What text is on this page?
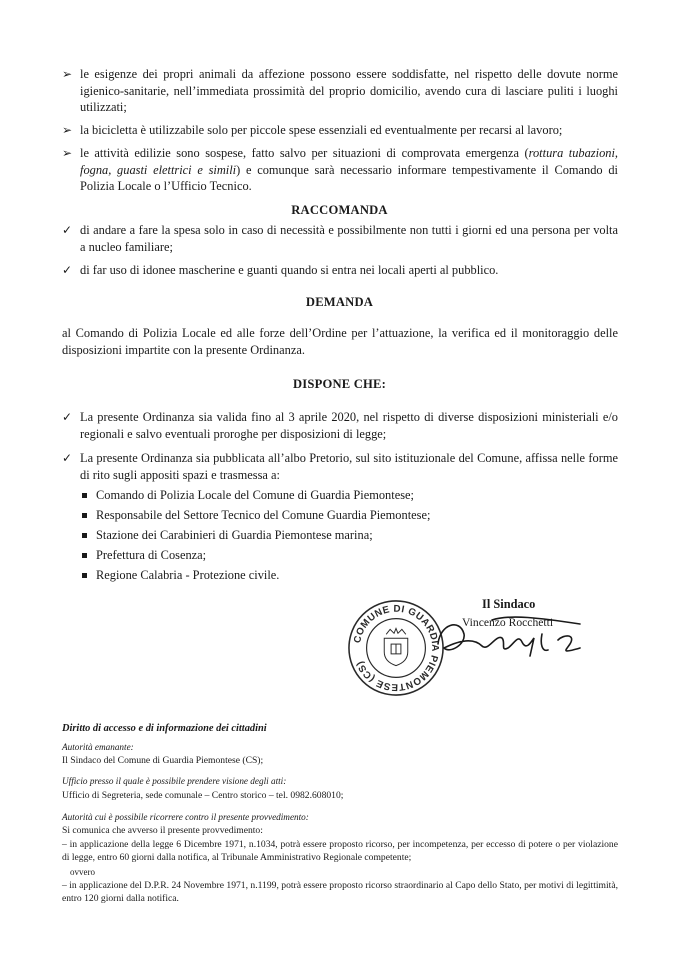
➢ le esigenze dei propri animali da affezione possono essere soddisfatte, nel rispetto delle dovute norme igienico-sanitarie, nell’immediata prossimità del proprio domicilio, avendo cura di lasciare puliti i luoghi utilizzati;
➢ la bicicletta è utilizzabile solo per piccole spese essenziali ed eventualmente per recarsi al lavoro;
➢ le attività edilizie sono sospese, fatto salvo per situazioni di comprovata emergenza (rottura tubazioni, fogna, guasti elettrici e simili) e comunque sarà necessario informare tempestivamente il Comando di Polizia Locale o l’Ufficio Tecnico.
RACCOMANDA
✓ di andare a fare la spesa solo in caso di necessità e possibilmente non tutti i giorni ed una persona per volta a nucleo familiare;
✓ di far uso di idonee mascherine e guanti quando si entra nei locali aperti al pubblico.
DEMANDA
al Comando di Polizia Locale ed alle forze dell’Ordine per l’attuazione, la verifica ed il monitoraggio delle disposizioni impartite con la presente Ordinanza.
DISPONE CHE:
✓ La presente Ordinanza sia valida fino al 3 aprile 2020, nel rispetto di diverse disposizioni ministeriali e/o regionali e salvo eventuali proroghe per disposizioni di legge;
✓ La presente Ordinanza sia pubblicata all’albo Pretorio, sul sito istituzionale del Comune, affissa nelle forme di rito sugli appositi spazi e trasmessa a:
Comando di Polizia Locale del Comune di Guardia Piemontese;
Responsabile del Settore Tecnico del Comune Guardia Piemontese;
Stazione dei Carabinieri di Guardia Piemontese marina;
Prefettura di Cosenza;
Regione Calabria - Protezione civile.
COMUNE DI GUARDIA PIEMONTESE (CS)
Il Sindaco
Vincenzo Rocchetti
Diritto di accesso e di informazione dei cittadini
Autorità emanante:
Il Sindaco del Comune di Guardia Piemontese (CS);
Ufficio presso il quale è possibile prendere visione degli atti:
Ufficio di Segreteria, sede comunale – Centro storico – tel. 0982.608010;
Autorità cui è possibile ricorrere contro il presente provvedimento:
Si comunica che avverso il presente provvedimento:
– in applicazione della legge 6 Dicembre 1971, n.1034, potrà essere proposto ricorso, per incompetenza, per eccesso di potere o per violazione di legge, entro 60 giorni dalla notifica, al Tribunale Amministrativo Regionale competente;
ovvero
– in applicazione del D.P.R. 24 Novembre 1971, n.1199, potrà essere proposto ricorso straordinario al Capo dello Stato, per motivi di legittimità, entro 120 giorni dalla notifica.
